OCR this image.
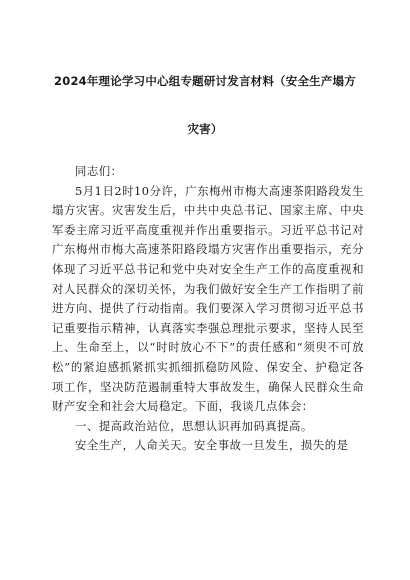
2024年理论学习中心组专题研讨发言材料（安全生产塌方
灾害）

同志们：

5月1日2时10分许，广东梅州市梅大高速茶阳路段发生塌方灾害。灾害发生后，中共中央总书记、国家主席、中央军委主席习近平高度重视并作出重要指示。习近平总书记对广东梅州市梅大高速茶阳路段塌方灾害作出重要指示，充分体现了习近平总书记和党中央对安全生产工作的高度重视和对人民群众的深切关怀，为我们做好安全生产工作指明了前进方向、提供了行动指南。我们要深入学习贯彻习近平总书记重要指示精神，认真落实李强总理批示要求，坚持人民至上、生命至上，以“时时放心不下”的责任感和“须臾不可放松”的紧迫感抓紧抓实抓细抓稳防风险、保安全、护稳定各项工作，坚决防范遏制重特大事故发生，确保人民群众生命财产安全和社会大局稳定。下面，我谈几点体会：

一、提高政治站位，思想认识再加码真提高。

安全生产，人命关天。安全事故一旦发生，损失的是
